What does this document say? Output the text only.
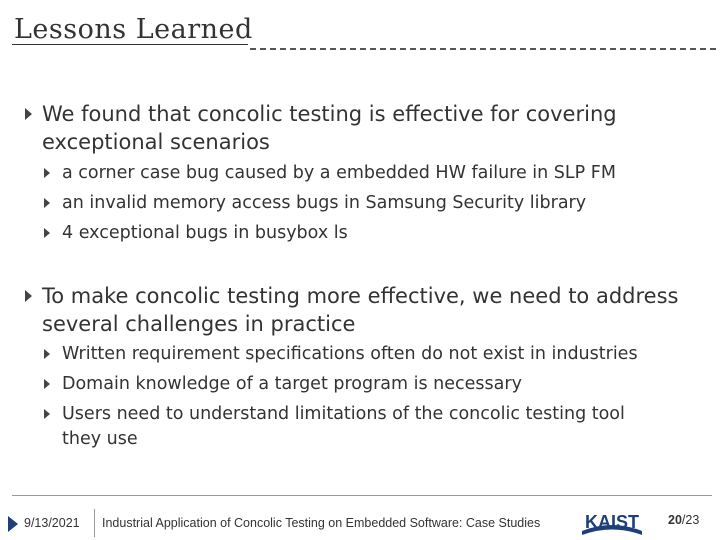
Lessons Learned
We found that concolic testing is effective for covering
exceptional scenarios
a corner case bug caused by a embedded HW failure in SLP FM
an invalid memory access bugs in Samsung Security library
4 exceptional bugs in busybox ls
To make concolic testing more effective, we need to address
several challenges in practice
Written requirement specifications often do not exist in industries
Domain knowledge of a target program is necessary
Users need to understand limitations of the concolic testing tool
they use
9/13/2021 Industrial Application of Concolic Testing on Embedded Software: Case Studies KAIST 20/23
